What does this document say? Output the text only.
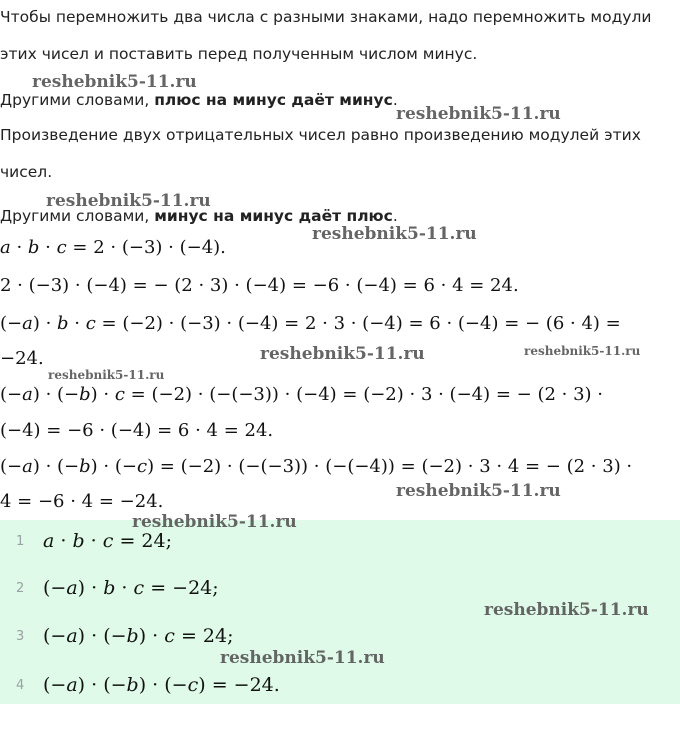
Чтобы перемножить два числа с разными знаками, надо перемножить модули
этих чисел и поставить перед полученным числом минус.
Другими словами, плюс на минус даёт минус.
Произведение двух отрицательных чисел равно произведению модулей этих
чисел.
Другими словами, минус на минус даёт плюс.
a · b · c = 2 · (−3) · (−4).
2 · (−3) · (−4) = − (2 · 3) · (−4) = −6 · (−4) = 6 · 4 = 24.
(−a) · b · c = (−2) · (−3) · (−4) = 2 · 3 · (−4) = 6 · (−4) = − (6 · 4) =
−24.
(−a) · (−b) · c = (−2) · (−(−3)) · (−4) = (−2) · 3 · (−4) = − (2 · 3) ·
(−4) = −6 · (−4) = 6 · 4 = 24.
(−a) · (−b) · (−c) = (−2) · (−(−3)) · (−(−4)) = (−2) · 3 · 4 = − (2 · 3) ·
4 = −6 · 4 = −24.
1 a · b · c = 24;
2 (−a) · b · c = −24;
3 (−a) · (−b) · c = 24;
4 (−a) · (−b) · (−c) = −24.
reshebnik5-11.ru
reshebnik5-11.ru
reshebnik5-11.ru
reshebnik5-11.ru
reshebnik5-11.ru	reshebnik5-11.ru
reshebnik5-11.ru
reshebnik5-11.ru
reshebnik5-11.ru
reshebnik5-11.ru
reshebnik5-11.ru
